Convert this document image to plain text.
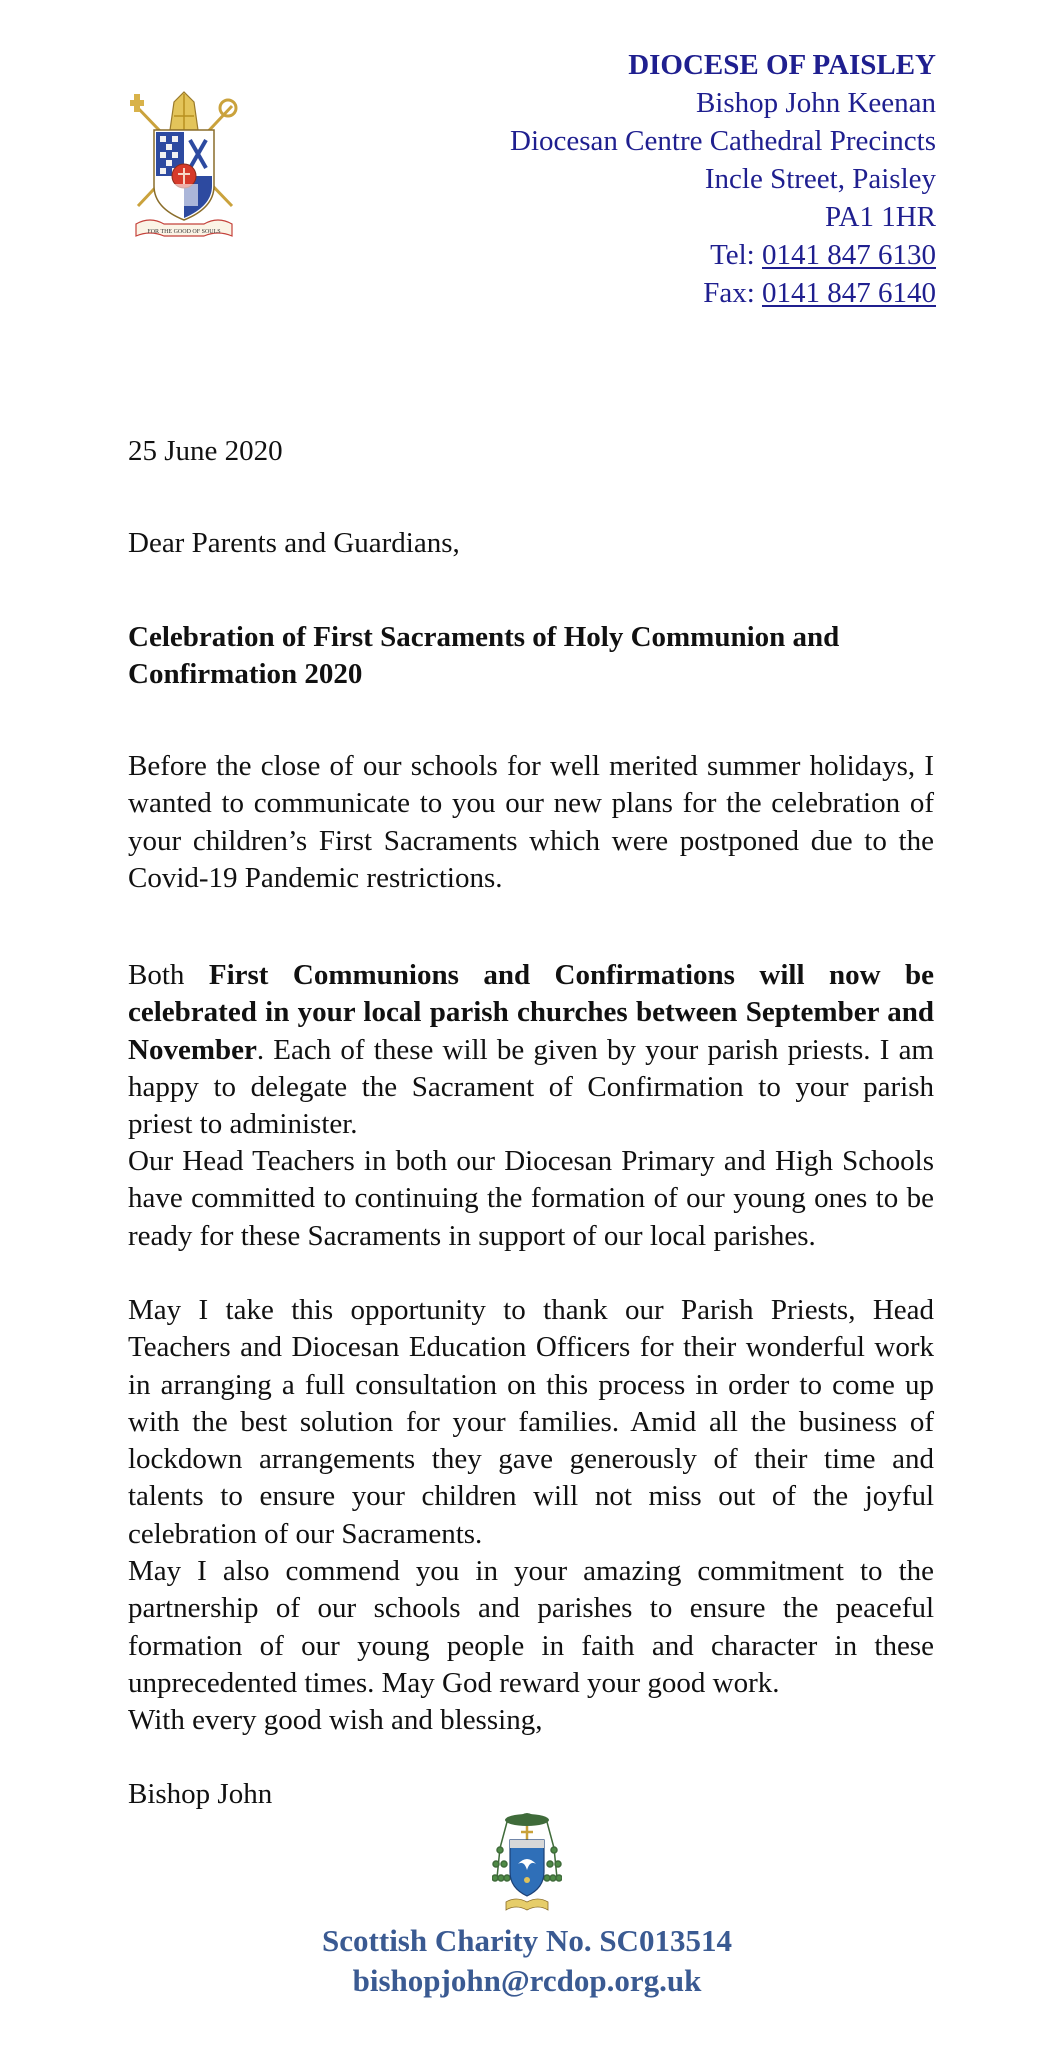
FOR THE GOOD OF SOULS
DIOCESE OF PAISLEY
Bishop John Keenan
Diocesan Centre Cathedral Precincts
Incle Street, Paisley
PA1 1HR
Tel: 0141 847 6130
Fax: 0141 847 6140
25 June 2020
Dear Parents and Guardians,
Celebration of First Sacraments of Holy Communion and Confirmation 2020
Before the close of our schools for well merited summer holidays, I wanted to communicate to you our new plans for the celebration of your children’s First Sacraments which were postponed due to the Covid-19 Pandemic restrictions.
Both First Communions and Confirmations will now be celebrated in your local parish churches between September and November. Each of these will be given by your parish priests. I am happy to delegate the Sacrament of Confirmation to your parish priest to administer.
Our Head Teachers in both our Diocesan Primary and High Schools have committed to continuing the formation of our young ones to be ready for these Sacraments in support of our local parishes.
May I take this opportunity to thank our Parish Priests, Head Teachers and Diocesan Education Officers for their wonderful work in arranging a full consultation on this process in order to come up with the best solution for your families. Amid all the business of lockdown arrangements they gave generously of their time and talents to ensure your children will not miss out of the joyful celebration of our Sacraments.
May I also commend you in your amazing commitment to the partnership of our schools and parishes to ensure the peaceful formation of our young people in faith and character in these unprecedented times. May God reward your good work.
With every good wish and blessing,
Bishop John
Scottish Charity No. SC013514
bishopjohn@rcdop.org.uk
